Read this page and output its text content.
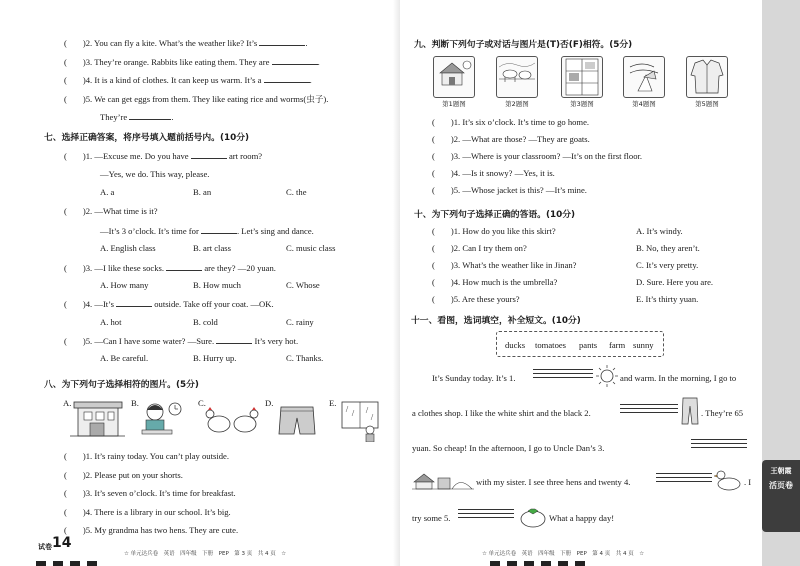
( )2. You can fly a kite. What’s the weather like? It’s	.
( )3. They’re orange. Rabbits like eating them. They are	.
( )4. It is a kind of clothes. It can keep us warm. It’s a	.
( )5. We can get eggs from them. They like eating rice and worms(虫子).
They’re	.
七、选择正确答案，将序号填入题前括号内。(10分)
( )1. —Excuse me. Do you have	art room?
—Yes, we do. This way, please.
A. a	B. an	C. the
( )2. —What time is it?
—It’s 3 o’clock. It’s time for	. Let’s sing and dance.
A. English class	B. art class	C. music class
( )3. —I like these socks.	are they? —20 yuan.
A. How many	B. How much	C. Whose
( )4. —It’s	outside. Take off your coat. —OK.
A. hot	B. cold	C. rainy
( )5. —Can I have some water? —Sure.	It’s very hot.
A. Be careful.	B. Hurry up.	C. Thanks.
八、为下列句子选择相符的图片。(5分)
A.	B.	C.	D.	E.
( )1. It’s rainy today. You can’t play outside.
( )2. Please put on your shorts.
( )3. It’s seven o’clock. It’s time for breakfast.
( )4. There is a library in our school. It’s big.
( )5. My grandma has two hens. They are cute.
试卷 14
☆ 单元达兵卷　英语　四年级　下册　PEP　第 3 页　共 4 页　☆
九、判断下列句子或对话与图片是(T)否(F)相符。(5分)
第1题图	第2题图	第3题图	第4题图	第5题图
( )1. It’s six o’clock. It’s time to go home.
( )2. —What are those? —They are goats.
( )3. —Where is your classroom? —It’s on the first floor.
( )4. —Is it snowy? —Yes, it is.
( )5. —Whose jacket is this? —It’s mine.
十、为下列句子选择正确的答语。(10分)
( )1. How do you like this skirt?	A. It’s windy.
( )2. Can I try them on?	B. No, they aren’t.
( )3. What’s the weather like in Jinan?	C. It’s very pretty.
( )4. How much is the umbrella?	D. Sure. Here you are.
( )5. Are these yours?	E. It’s thirty yuan.
十一、看图，选词填空，补全短文。(10分)
ducks tomatoes pants farm sunny
It’s Sunday today. It’s 1.	and warm. In the morning, I go to
a clothes shop. I like the white shirt and the black 2.	. They’re 65
yuan. So cheap! In the afternoon, I go to Uncle Dan’s 3.
with my sister. I see three hens and twenty 4.	. I
try some 5.	What a happy day!
☆ 单元达兵卷　英语　四年级　下册　PEP　第 4 页　共 4 页　☆
王朝霞
活页卷
